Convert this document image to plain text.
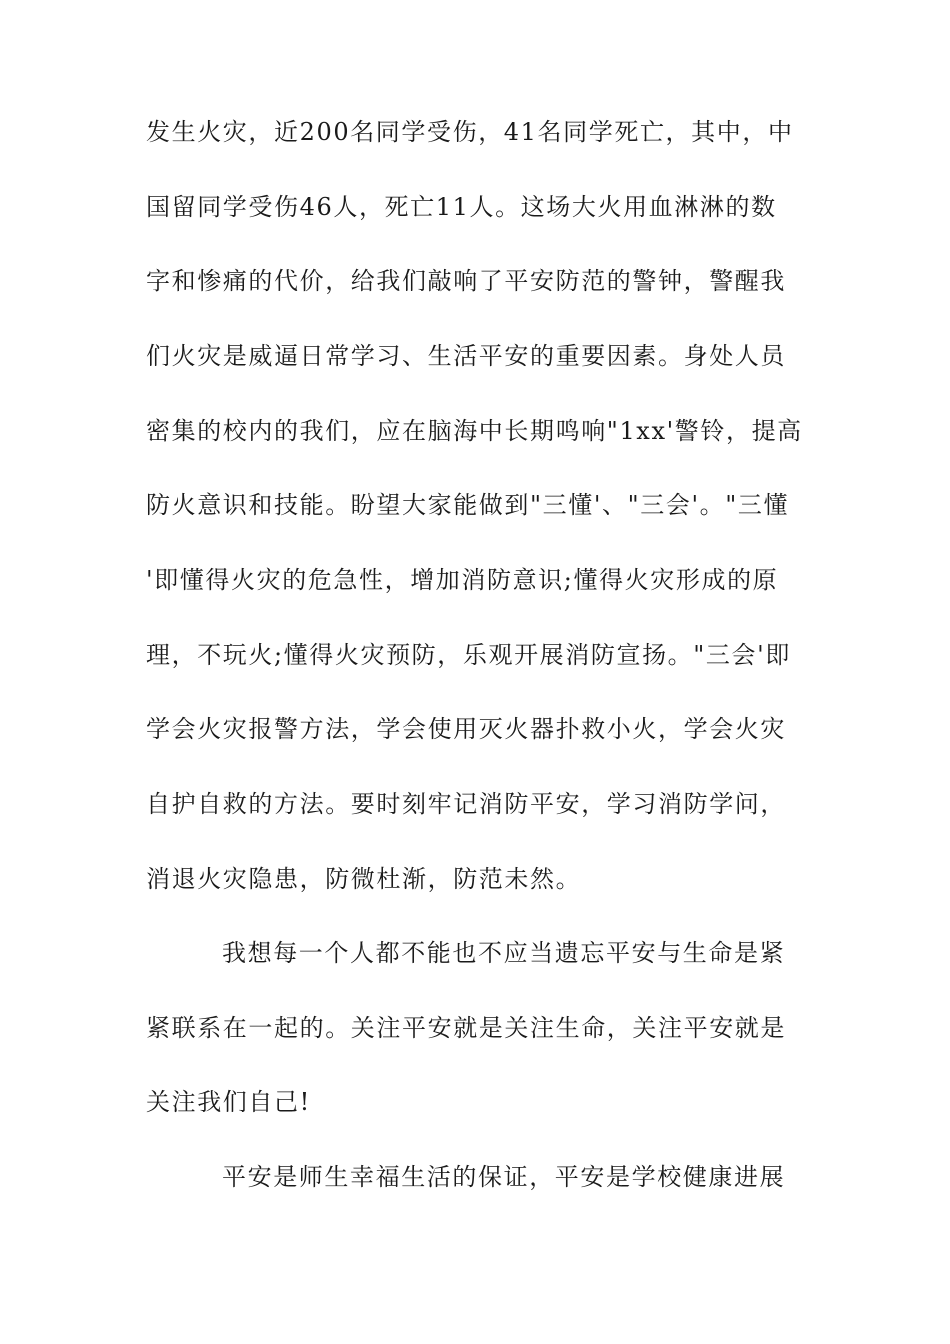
发生火灾，近200名同学受伤，41名同学死亡，其中，中
国留同学受伤46人，死亡11人。这场大火用血淋淋的数
字和惨痛的代价，给我们敲响了平安防范的警钟，警醒我
们火灾是威逼日常学习、生活平安的重要因素。身处人员
密集的校内的我们，应在脑海中长期鸣响"1xx'警铃，提高
防火意识和技能。盼望大家能做到"三懂'、"三会'。"三懂
'即懂得火灾的危急性，增加消防意识;懂得火灾形成的原
理，不玩火;懂得火灾预防，乐观开展消防宣扬。"三会'即
学会火灾报警方法，学会使用灭火器扑救小火，学会火灾
自护自救的方法。要时刻牢记消防平安，学习消防学问，
消退火灾隐患，防微杜渐，防范未然。
我想每一个人都不能也不应当遗忘平安与生命是紧
紧联系在一起的。关注平安就是关注生命，关注平安就是
关注我们自己!
平安是师生幸福生活的保证，平安是学校健康进展
